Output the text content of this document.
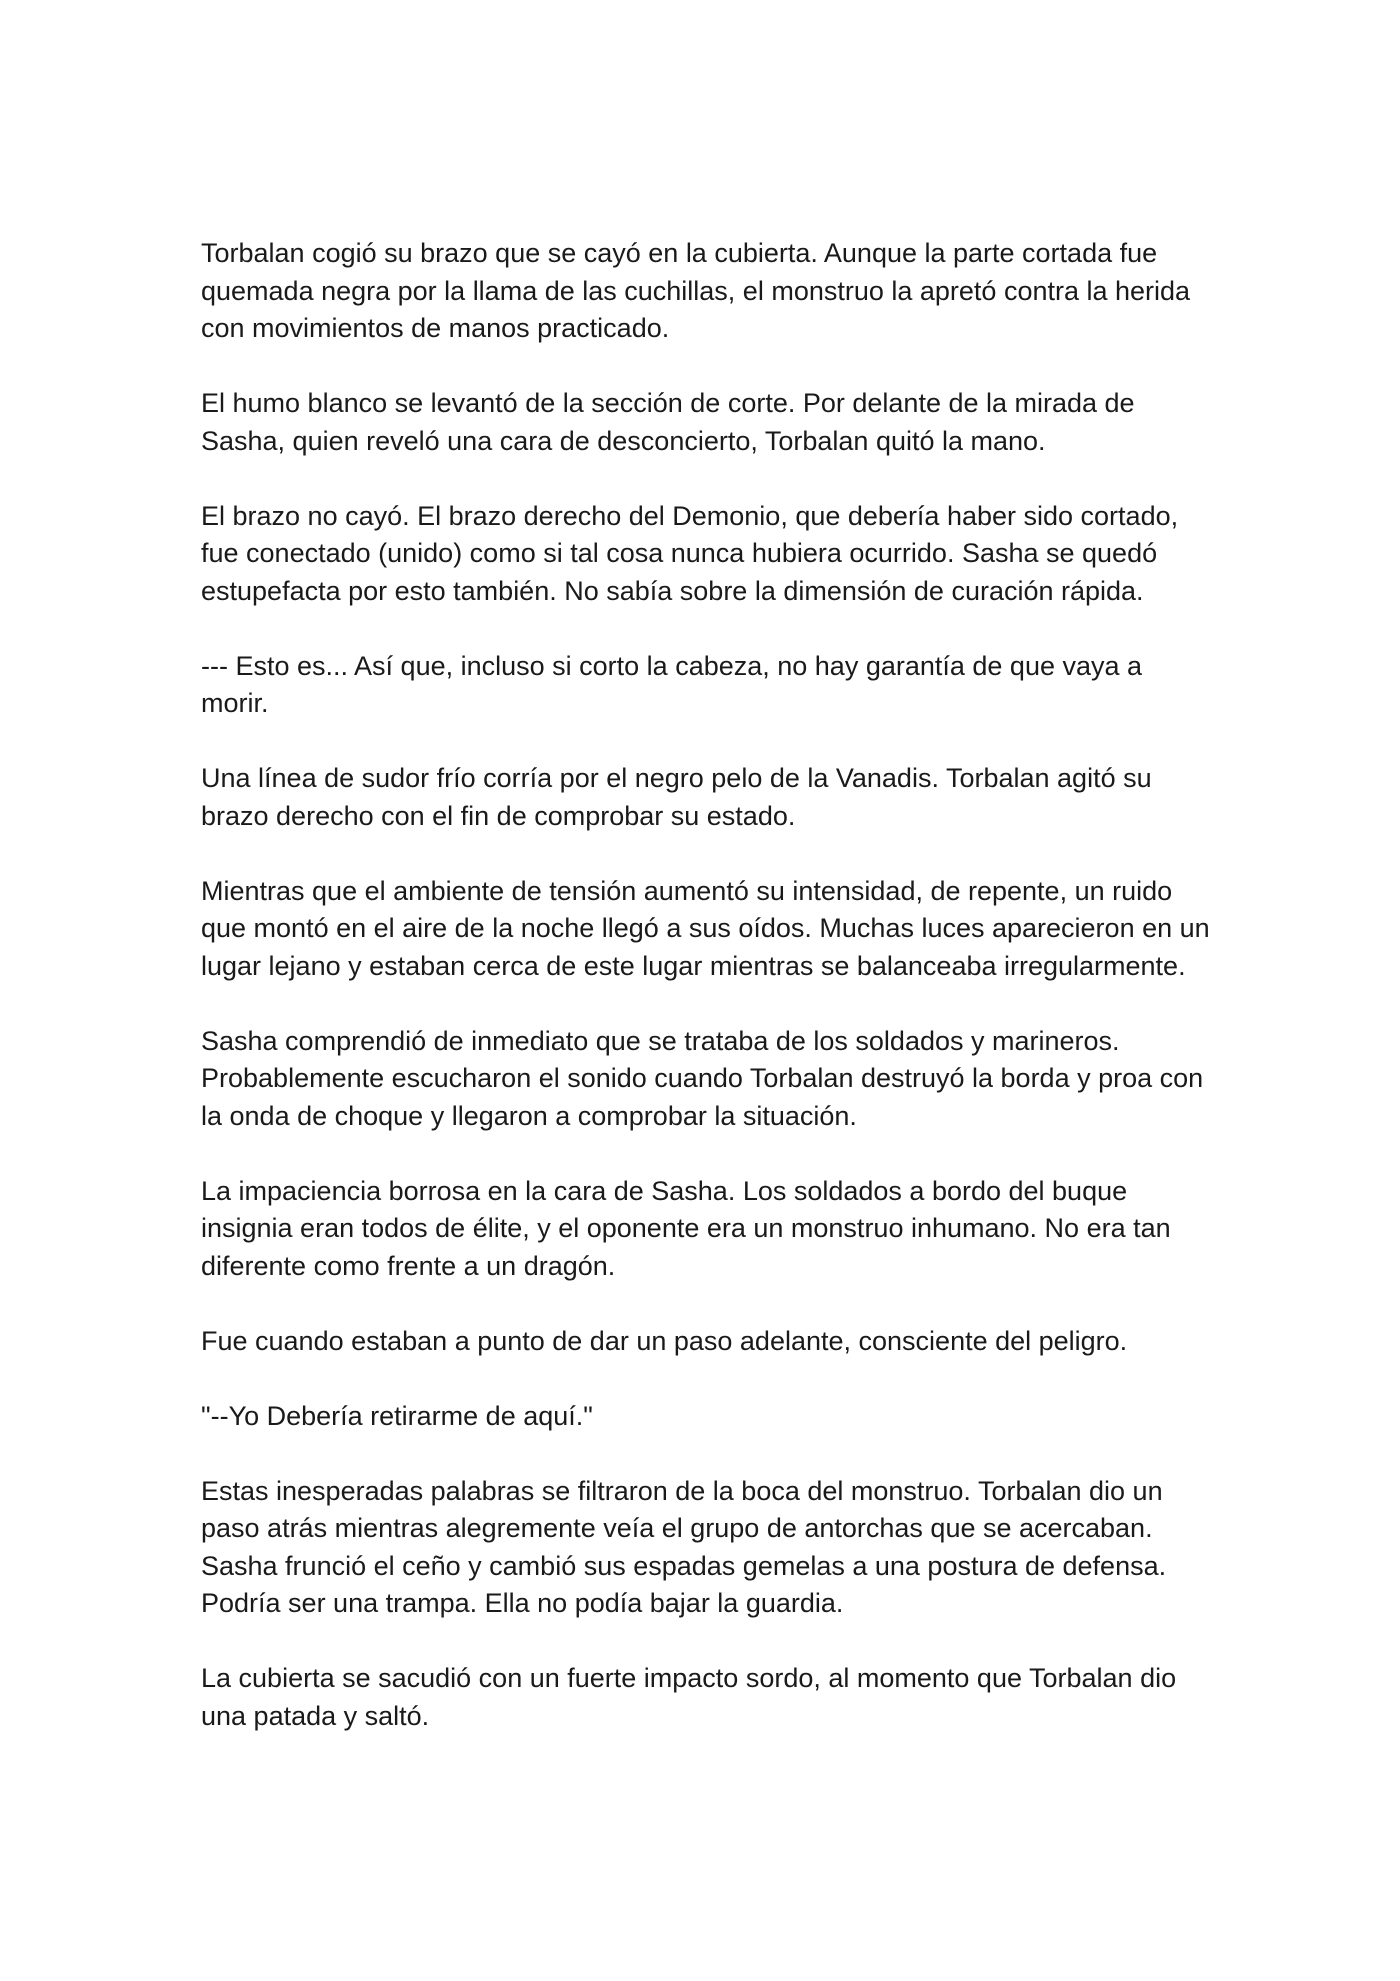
Torbalan cogió su brazo que se cayó en la cubierta. Aunque la parte cortada fue quemada negra por la llama de las cuchillas, el monstruo la apretó contra la herida con movimientos de manos practicado.

El humo blanco se levantó de la sección de corte. Por delante de la mirada de Sasha, quien reveló una cara de desconcierto, Torbalan quitó la mano.

El brazo no cayó. El brazo derecho del Demonio, que debería haber sido cortado, fue conectado (unido) como si tal cosa nunca hubiera ocurrido. Sasha se quedó estupefacta por esto también. No sabía sobre la dimensión de curación rápida.

--- Esto es... Así que, incluso si corto la cabeza, no hay garantía de que vaya a morir.

Una línea de sudor frío corría por el negro pelo de la Vanadis. Torbalan agitó su brazo derecho con el fin de comprobar su estado.

Mientras que el ambiente de tensión aumentó su intensidad, de repente, un ruido que montó en el aire de la noche llegó a sus oídos. Muchas luces aparecieron en un lugar lejano y estaban cerca de este lugar mientras se balanceaba irregularmente.

Sasha comprendió de inmediato que se trataba de los soldados y marineros. Probablemente escucharon el sonido cuando Torbalan destruyó la borda y proa con la onda de choque y llegaron a comprobar la situación.

La impaciencia borrosa en la cara de Sasha. Los soldados a bordo del buque insignia eran todos de élite, y el oponente era un monstruo inhumano. No era tan diferente como frente a un dragón.

Fue cuando estaban a punto de dar un paso adelante, consciente del peligro.

"--Yo Debería retirarme de aquí."

Estas inesperadas palabras se filtraron de la boca del monstruo. Torbalan dio un paso atrás mientras alegremente veía el grupo de antorchas que se acercaban. Sasha frunció el ceño y cambió sus espadas gemelas a una postura de defensa. Podría ser una trampa. Ella no podía bajar la guardia.

La cubierta se sacudió con un fuerte impacto sordo, al momento que Torbalan dio una patada y saltó.
